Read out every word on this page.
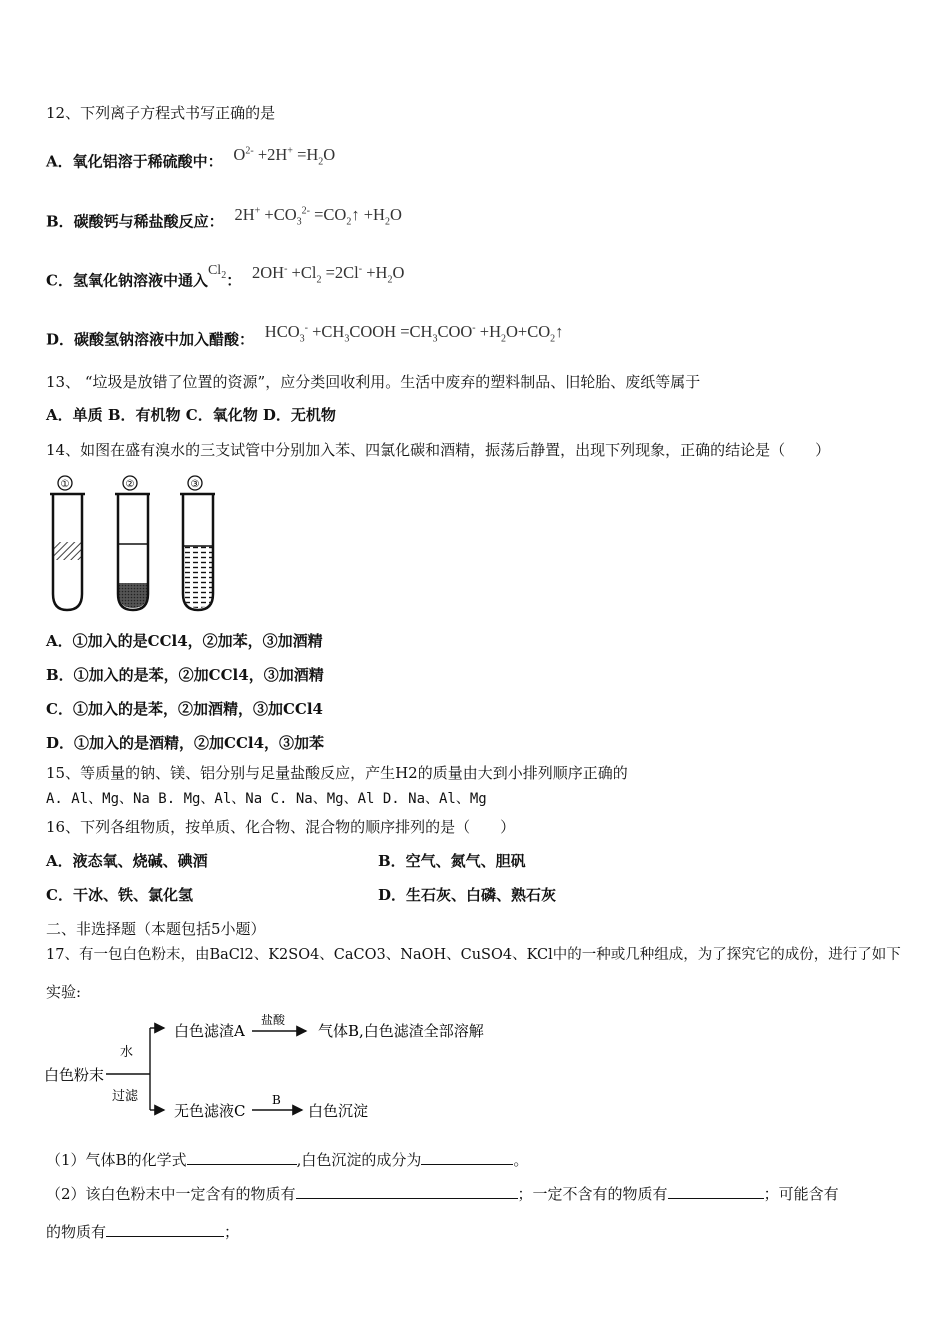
12、下列离子方程式书写正确的是
A．氧化铝溶于稀硫酸中： $O^{2-} +2H^+ =H_2O$
B．碳酸钙与稀盐酸反应： $2H^+ +CO_3^{2-}$ $=CO_2↑ +H_2O$
C．氢氧化钠溶液中通入$Cl_2$： $2OH^- +Cl_2 =2Cl^- +H_2O$
D．碳酸氢钠溶液中加入醋酸： $HCO_3^-$ $+CH_3COOH =CH_3COO^-$ $+H_2O+CO_2↑$
13、 “垃圾是放错了位置的资源”，应分类回收利用。生活中废弃的塑料制品、旧轮胎、废纸等属于
A．单质 B．有机物 C．氧化物 D．无机物
14、如图在盛有溴水的三支试管中分别加入苯、四氯化碳和酒精，振荡后静置，出现下列现象，正确的结论是（　　）
①	②	③
A．①加入的是CCl4，②加苯，③加酒精
B．①加入的是苯，②加CCl4，③加酒精
C．①加入的是苯，②加酒精，③加CCl4
D．①加入的是酒精，②加CCl4，③加苯
15、等质量的钠、镁、铝分别与足量盐酸反应，产生H2的质量由大到小排列顺序正确的
A. Al、Mg、Na B. Mg、Al、Na C. Na、Mg、Al D. Na、Al、Mg
16、下列各组物质，按单质、化合物、混合物的顺序排列的是（　　）
A．液态氧、烧碱、碘酒	B．空气、氮气、胆矾
C．干冰、铁、氯化氢	D．生石灰、白磷、熟石灰
二、非选择题（本题包括5小题）
17、有一包白色粉末，由BaCl2、K2SO4、CaCO3、NaOH、CuSO4、KCl中的一种或几种组成，为了探究它的成份，进行了如下
实验:
白色粉末
水
过滤
白色滤渣A
盐酸
气体B,白色滤渣全部溶解
无色滤液C
B
白色沉淀
（1）气体B的化学式	,白色沉淀的成分为	。
（2）该白色粉末中一定含有的物质有	；一定不含有的物质有	；可能含有
的物质有	；
